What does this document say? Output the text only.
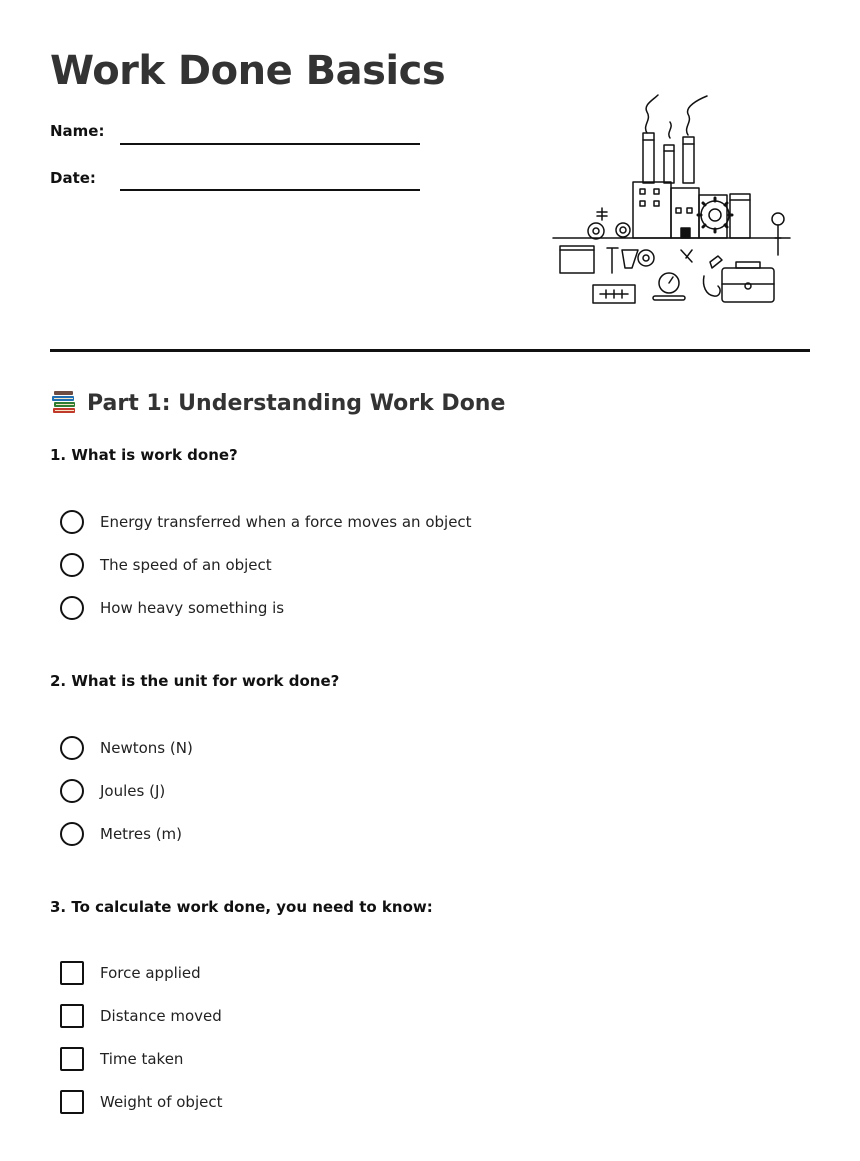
Work Done Basics
Name:
Date:
Part 1: Understanding Work Done

1. What is work done?

Energy transferred when a force moves an object
The speed of an object
How heavy something is

2. What is the unit for work done?

Newtons (N)
Joules (J)
Metres (m)

3. To calculate work done, you need to know:

Force applied
Distance moved
Time taken
Weight of object
